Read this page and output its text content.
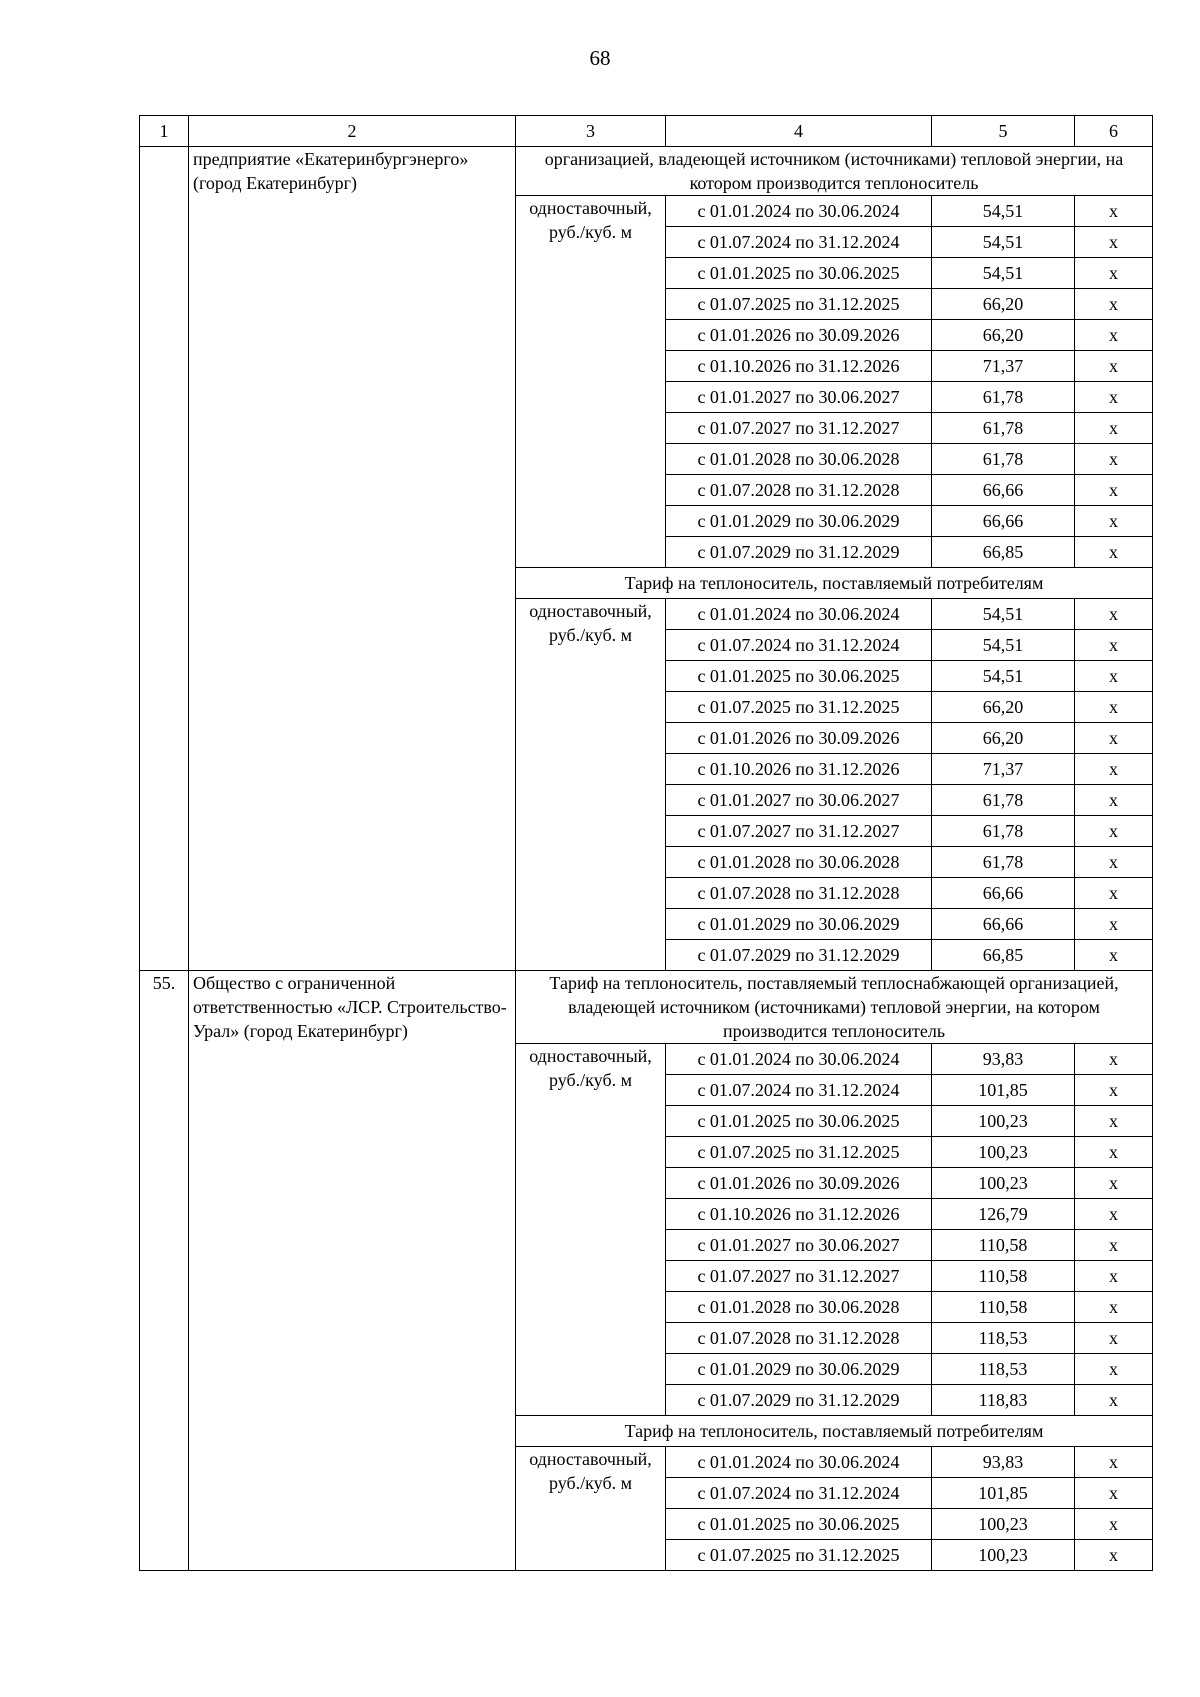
68
1	2	3	4	5	6
	предприятие «Екатеринбургэнерго» (город Екатеринбург)	организацией, владеющей источником (источниками) тепловой энергии, на котором производится теплоноситель			
		одноставочный, руб./куб. м	с 01.01.2024 по 30.06.2024	54,51	x
			с 01.07.2024 по 31.12.2024	54,51	x
			с 01.01.2025 по 30.06.2025	54,51	x
			с 01.07.2025 по 31.12.2025	66,20	x
			с 01.01.2026 по 30.09.2026	66,20	x
			с 01.10.2026 по 31.12.2026	71,37	x
			с 01.01.2027 по 30.06.2027	61,78	x
			с 01.07.2027 по 31.12.2027	61,78	x
			с 01.01.2028 по 30.06.2028	61,78	x
			с 01.07.2028 по 31.12.2028	66,66	x
			с 01.01.2029 по 30.06.2029	66,66	x
			с 01.07.2029 по 31.12.2029	66,85	x
		Тариф на теплоноситель, поставляемый потребителям			
		одноставочный, руб./куб. м	с 01.01.2024 по 30.06.2024	54,51	x
			с 01.07.2024 по 31.12.2024	54,51	x
			с 01.01.2025 по 30.06.2025	54,51	x
			с 01.07.2025 по 31.12.2025	66,20	x
			с 01.01.2026 по 30.09.2026	66,20	x
			с 01.10.2026 по 31.12.2026	71,37	x
			с 01.01.2027 по 30.06.2027	61,78	x
			с 01.07.2027 по 31.12.2027	61,78	x
			с 01.01.2028 по 30.06.2028	61,78	x
			с 01.07.2028 по 31.12.2028	66,66	x
			с 01.01.2029 по 30.06.2029	66,66	x
			с 01.07.2029 по 31.12.2029	66,85	x
55.	Общество с ограниченной ответственностью «ЛСР. Строительство-Урал» (город Екатеринбург)	Тариф на теплоноситель, поставляемый теплоснабжающей организацией, владеющей источником (источниками) тепловой энергии, на котором производится теплоноситель			
		одноставочный, руб./куб. м	с 01.01.2024 по 30.06.2024	93,83	x
			с 01.07.2024 по 31.12.2024	101,85	x
			с 01.01.2025 по 30.06.2025	100,23	x
			с 01.07.2025 по 31.12.2025	100,23	x
			с 01.01.2026 по 30.09.2026	100,23	x
			с 01.10.2026 по 31.12.2026	126,79	x
			с 01.01.2027 по 30.06.2027	110,58	x
			с 01.07.2027 по 31.12.2027	110,58	x
			с 01.01.2028 по 30.06.2028	110,58	x
			с 01.07.2028 по 31.12.2028	118,53	x
			с 01.01.2029 по 30.06.2029	118,53	x
			с 01.07.2029 по 31.12.2029	118,83	x
		Тариф на теплоноситель, поставляемый потребителям			
		одноставочный, руб./куб. м	с 01.01.2024 по 30.06.2024	93,83	x
			с 01.07.2024 по 31.12.2024	101,85	x
			с 01.01.2025 по 30.06.2025	100,23	x
			с 01.07.2025 по 31.12.2025	100,23	x
